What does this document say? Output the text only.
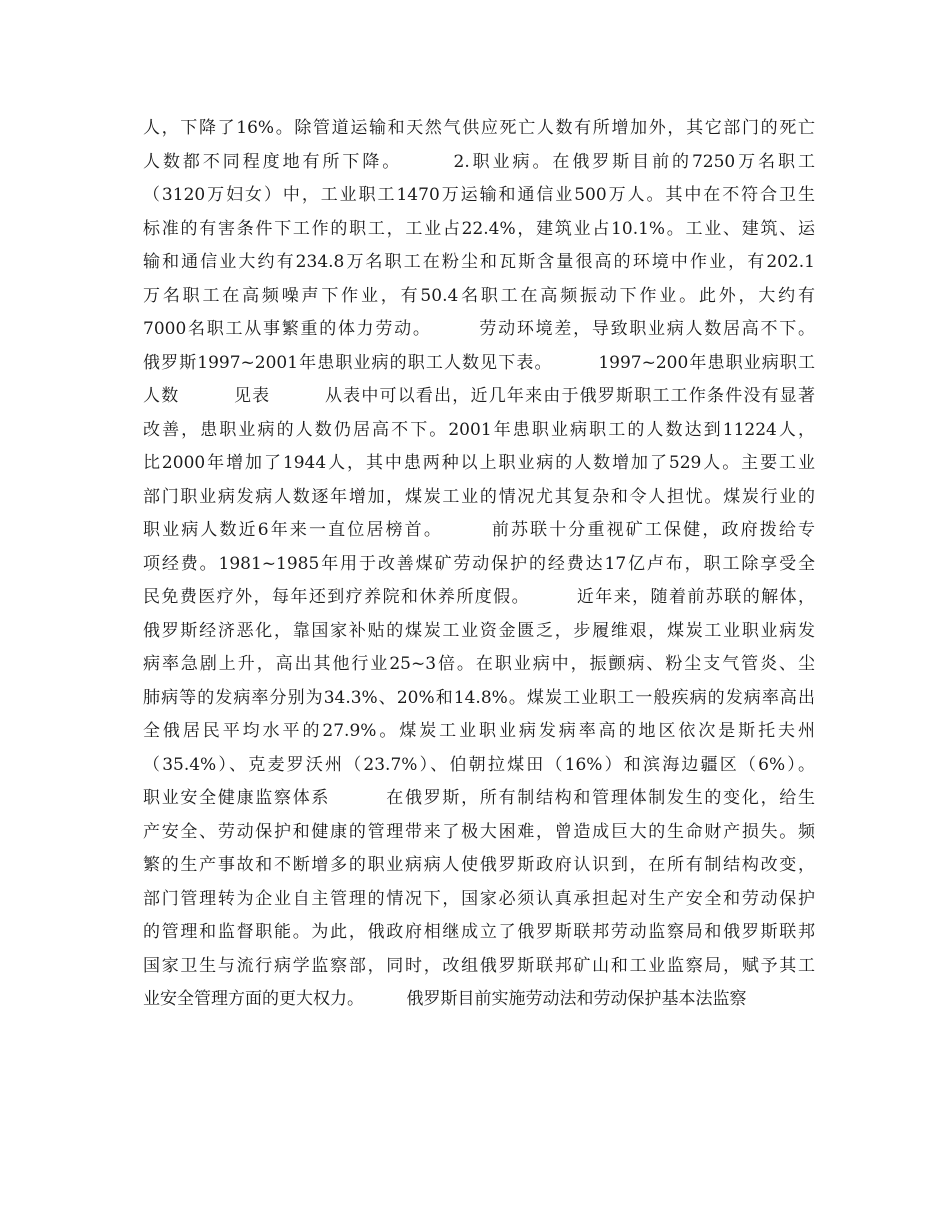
人，下降了16%。除管道运输和天然气供应死亡人数有所增加外，其它部门的死亡
人数都不同程度地有所下降。　　　2.职业病。在俄罗斯目前的7250万名职工
（3120万妇女）中，工业职工1470万运输和通信业500万人。其中在不符合卫生
标准的有害条件下工作的职工，工业占22.4%，建筑业占10.1%。工业、建筑、运
输和通信业大约有234.8万名职工在粉尘和瓦斯含量很高的环境中作业，有202.1
万名职工在高频噪声下作业，有50.4名职工在高频振动下作业。此外，大约有
7000名职工从事繁重的体力劳动。　　　劳动环境差，导致职业病人数居高不下。
俄罗斯1997~2001年患职业病的职工人数见下表。　　　1997~200年患职业病职工
人数　　　见表　　　从表中可以看出，近几年来由于俄罗斯职工工作条件没有显著
改善，患职业病的人数仍居高不下。2001年患职业病职工的人数达到11224人，
比2000年增加了1944人，其中患两种以上职业病的人数增加了529人。主要工业
部门职业病发病人数逐年增加，煤炭工业的情况尤其复杂和令人担忧。煤炭行业的
职业病人数近6年来一直位居榜首。　　　前苏联十分重视矿工保健，政府拨给专
项经费。1981~1985年用于改善煤矿劳动保护的经费达17亿卢布，职工除享受全
民免费医疗外，每年还到疗养院和休养所度假。　　　近年来，随着前苏联的解体，
俄罗斯经济恶化，靠国家补贴的煤炭工业资金匮乏，步履维艰，煤炭工业职业病发
病率急剧上升，高出其他行业25~3倍。在职业病中，振颤病、粉尘支气管炎、尘
肺病等的发病率分别为34.3%、20%和14.8%。煤炭工业职工一般疾病的发病率高出
全俄居民平均水平的27.9%。煤炭工业职业病发病率高的地区依次是斯托夫州
（35.4%）、克麦罗沃州（23.7%）、伯朝拉煤田（16%）和滨海边疆区（6%）。
职业安全健康监察体系　　　在俄罗斯，所有制结构和管理体制发生的变化，给生
产安全、劳动保护和健康的管理带来了极大困难，曾造成巨大的生命财产损失。频
繁的生产事故和不断增多的职业病病人使俄罗斯政府认识到，在所有制结构改变，
部门管理转为企业自主管理的情况下，国家必须认真承担起对生产安全和劳动保护
的管理和监督职能。为此，俄政府相继成立了俄罗斯联邦劳动监察局和俄罗斯联邦
国家卫生与流行病学监察部，同时，改组俄罗斯联邦矿山和工业监察局，赋予其工
业安全管理方面的更大权力。　　　俄罗斯目前实施劳动法和劳动保护基本法监察
